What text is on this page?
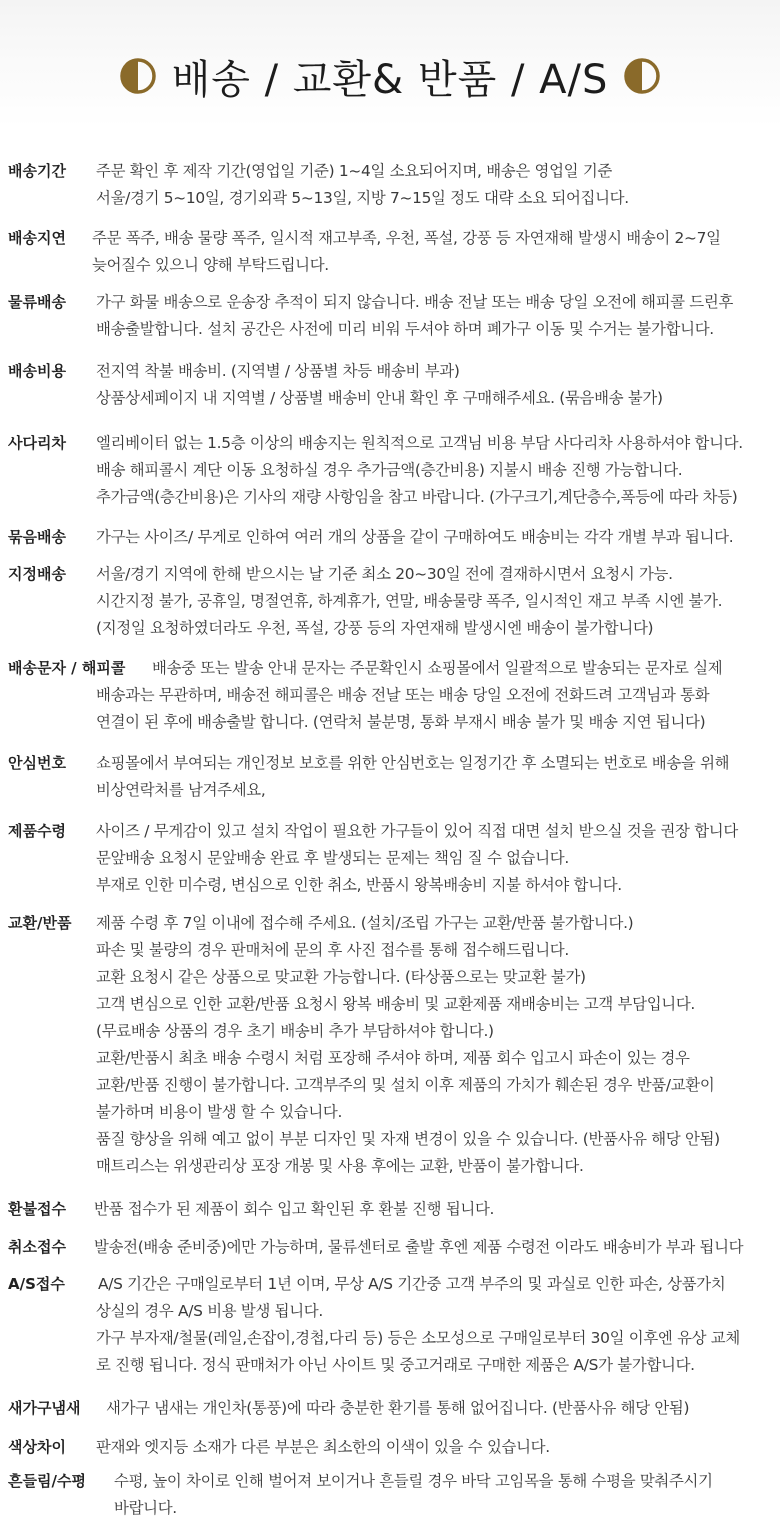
배송 / 교환& 반품 / A/S
배송기간 주문 확인 후 제작 기간(영업일 기준) 1~4일 소요되어지며, 배송은 영업일 기준
서울/경기 5~10일, 경기외곽 5~13일, 지방 7~15일 정도 대략 소요 되어집니다.
배송지연 주문 폭주, 배송 물량 폭주, 일시적 재고부족, 우천, 폭설, 강풍 등 자연재해 발생시 배송이 2~7일
늦어질수 있으니 양해 부탁드립니다.
물류배송 가구 화물 배송으로 운송장 추적이 되지 않습니다. 배송 전날 또는 배송 당일 오전에 해피콜 드린후
배송출발합니다. 설치 공간은 사전에 미리 비워 두셔야 하며 폐가구 이동 및 수거는 불가합니다.
배송비용 전지역 착불 배송비. (지역별 / 상품별 차등 배송비 부과)
상품상세페이지 내 지역별 / 상품별 배송비 안내 확인 후 구매해주세요. (묶음배송 불가)
사다리차 엘리베이터 없는 1.5층 이상의 배송지는 원칙적으로 고객님 비용 부담 사다리차 사용하셔야 합니다.
배송 해피콜시 계단 이동 요청하실 경우 추가금액(층간비용) 지불시 배송 진행 가능합니다.
추가금액(층간비용)은 기사의 재량 사항임을 참고 바랍니다. (가구크기,계단층수,폭등에 따라 차등)
묶음배송 가구는 사이즈/ 무게로 인하여 여러 개의 상품을 같이 구매하여도 배송비는 각각 개별 부과 됩니다.
지정배송 서울/경기 지역에 한해 받으시는 날 기준 최소 20~30일 전에 결재하시면서 요청시 가능.
시간지정 불가, 공휴일, 명절연휴, 하계휴가, 연말, 배송물량 폭주, 일시적인 재고 부족 시엔 불가.
(지정일 요청하였더라도 우천, 폭설, 강풍 등의 자연재해 발생시엔 배송이 불가합니다)
배송문자 / 해피콜 배송중 또는 발송 안내 문자는 주문확인시 쇼핑몰에서 일괄적으로 발송되는 문자로 실제
배송과는 무관하며, 배송전 해피콜은 배송 전날 또는 배송 당일 오전에 전화드려 고객님과 통화
연결이 된 후에 배송출발 합니다. (연락처 불분명, 통화 부재시 배송 불가 및 배송 지연 됩니다)
안심번호 쇼핑몰에서 부여되는 개인정보 보호를 위한 안심번호는 일정기간 후 소멸되는 번호로 배송을 위해
비상연락처를 남겨주세요,
제품수령 사이즈 / 무게감이 있고 설치 작업이 필요한 가구들이 있어 직접 대면 설치 받으실 것을 권장 합니다
문앞배송 요청시 문앞배송 완료 후 발생되는 문제는 책임 질 수 없습니다.
부재로 인한 미수령, 변심으로 인한 취소, 반품시 왕복배송비 지불 하셔야 합니다.
교환/반품 제품 수령 후 7일 이내에 접수해 주세요. (설치/조립 가구는 교환/반품 불가합니다.)
파손 및 불량의 경우 판매처에 문의 후 사진 접수를 통해 접수해드립니다.
교환 요청시 같은 상품으로 맞교환 가능합니다. (타상품으로는 맞교환 불가)
고객 변심으로 인한 교환/반품 요청시 왕복 배송비 및 교환제품 재배송비는 고객 부담입니다.
(무료배송 상품의 경우 초기 배송비 추가 부담하셔야 합니다.)
교환/반품시 최초 배송 수령시 처럼 포장해 주셔야 하며, 제품 회수 입고시 파손이 있는 경우
교환/반품 진행이 불가합니다. 고객부주의 및 설치 이후 제품의 가치가 훼손된 경우 반품/교환이
불가하며 비용이 발생 할 수 있습니다.
품질 향상을 위해 예고 없이 부분 디자인 및 자재 변경이 있을 수 있습니다. (반품사유 해당 안됨)
매트리스는 위생관리상 포장 개봉 및 사용 후에는 교환, 반품이 불가합니다.
환불접수 반품 접수가 된 제품이 회수 입고 확인된 후 환불 진행 됩니다.
취소접수 발송전(배송 준비중)에만 가능하며, 물류센터로 출발 후엔 제품 수령전 이라도 배송비가 부과 됩니다
A/S접수 A/S 기간은 구매일로부터 1년 이며, 무상 A/S 기간중 고객 부주의 및 과실로 인한 파손, 상품가치
상실의 경우 A/S 비용 발생 됩니다.
가구 부자재/철물(레일,손잡이,경첩,다리 등) 등은 소모성으로 구매일로부터 30일 이후엔 유상 교체
로 진행 됩니다. 정식 판매처가 아닌 사이트 및 중고거래로 구매한 제품은 A/S가 불가합니다.
새가구냄새 새가구 냄새는 개인차(통풍)에 따라 충분한 환기를 통해 없어집니다. (반품사유 해당 안됨)
색상차이 판재와 엣지등 소재가 다른 부분은 최소한의 이색이 있을 수 있습니다.
흔들림/수평 수평, 높이 차이로 인해 벌어져 보이거나 흔들릴 경우 바닥 고임목을 통해 수평을 맞춰주시기
바랍니다.
